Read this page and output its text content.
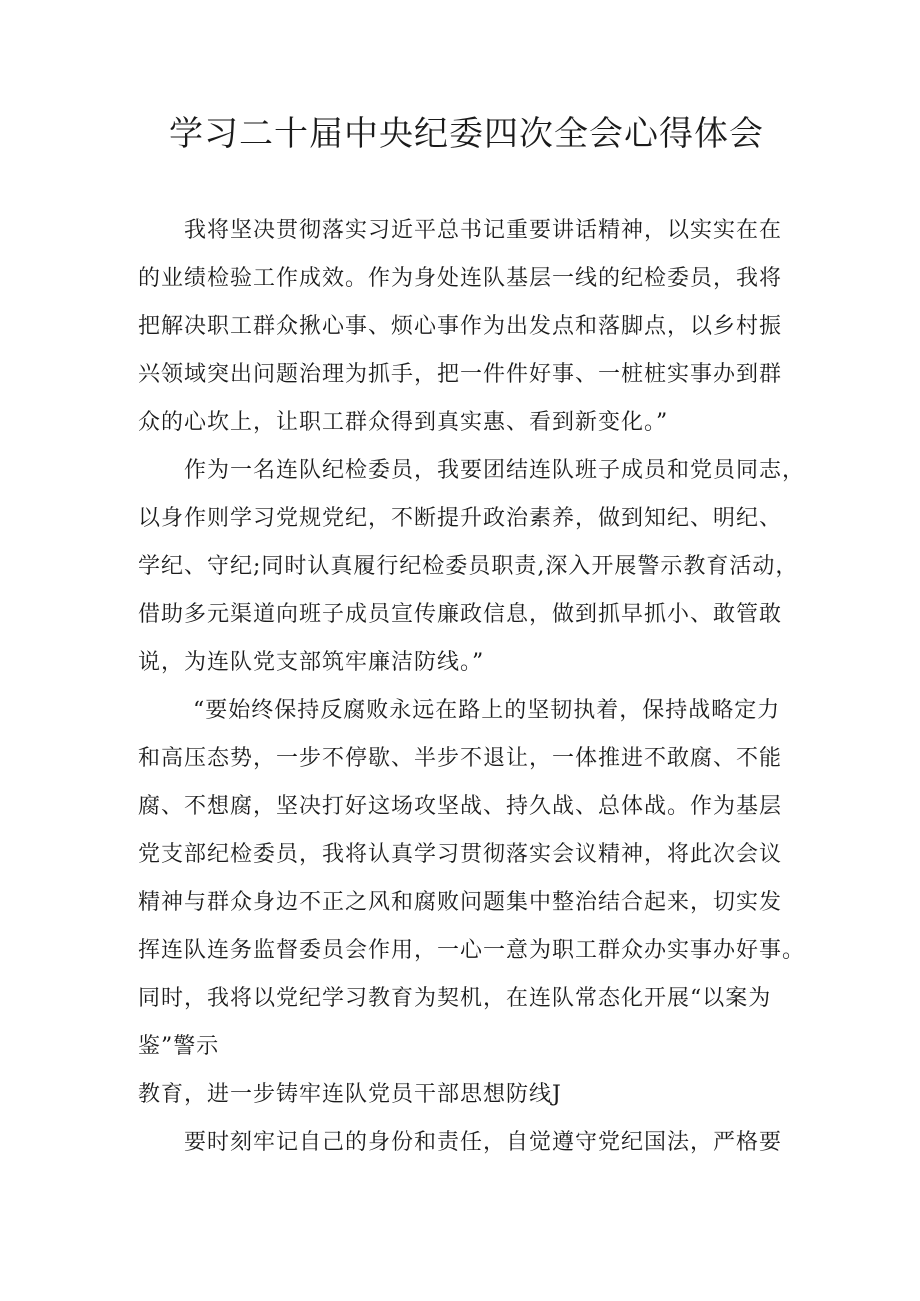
学习二十届中央纪委四次全会心得体会
我将坚决贯彻落实习近平总书记重要讲话精神，以实实在在
的业绩检验工作成效。作为身处连队基层一线的纪检委员，我将
把解决职工群众揪心事、烦心事作为出发点和落脚点，以乡村振
兴领域突出问题治理为抓手，把一件件好事、一桩桩实事办到群
众的心坎上，让职工群众得到真实惠、看到新变化。”
作为一名连队纪检委员，我要团结连队班子成员和党员同志，
以身作则学习党规党纪，不断提升政治素养，做到知纪、明纪、
学纪、守纪;同时认真履行纪检委员职责,深入开展警示教育活动，
借助多元渠道向班子成员宣传廉政信息，做到抓早抓小、敢管敢
说，为连队党支部筑牢廉洁防线。”
“要始终保持反腐败永远在路上的坚韧执着，保持战略定力
和高压态势，一步不停歇、半步不退让，一体推进不敢腐、不能
腐、不想腐，坚决打好这场攻坚战、持久战、总体战。作为基层
党支部纪检委员，我将认真学习贯彻落实会议精神，将此次会议
精神与群众身边不正之风和腐败问题集中整治结合起来，切实发
挥连队连务监督委员会作用，一心一意为职工群众办实事办好事。
同时，我将以党纪学习教育为契机，在连队常态化开展“以案为
鉴”警示
教育，进一步铸牢连队党员干部思想防线J
要时刻牢记自己的身份和责任，自觉遵守党纪国法，严格要
